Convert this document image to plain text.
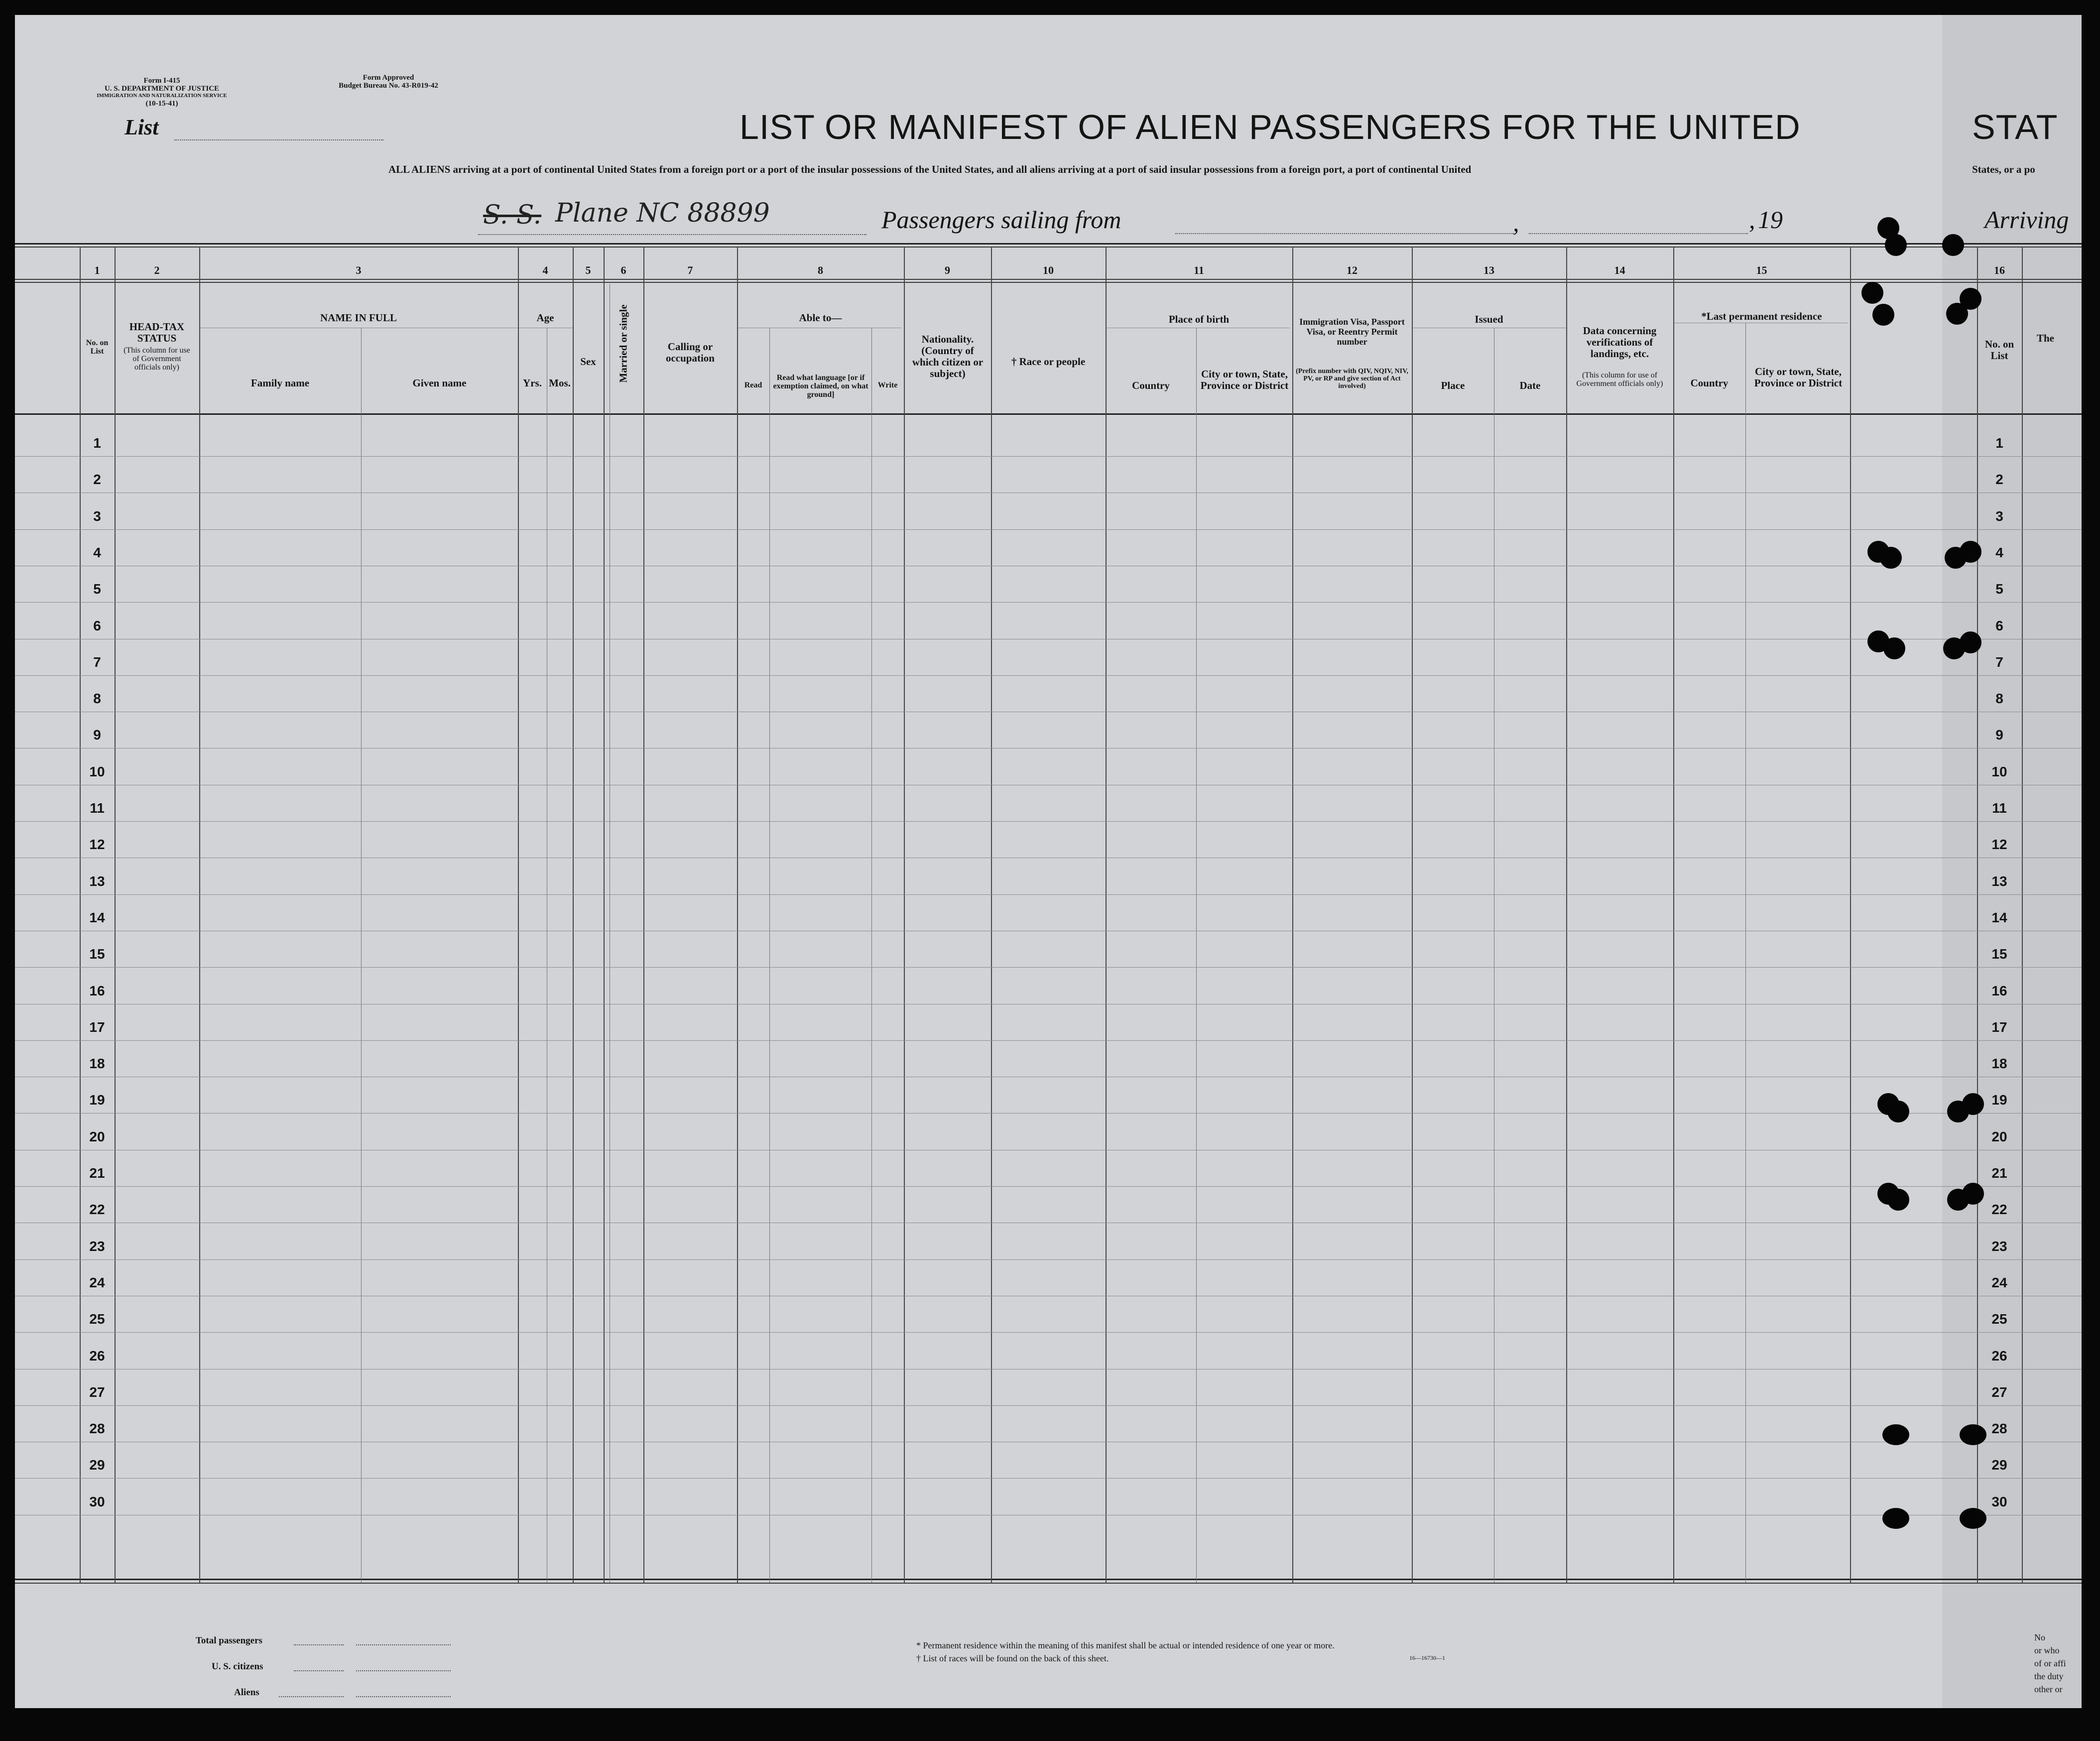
Form I-415
U. S. DEPARTMENT OF JUSTICE
IMMIGRATION AND NATURALIZATION SERVICE
(10-15-41)
Form Approved
Budget Bureau No. 43-R019-42
List	LIST OR MANIFEST OF ALIEN PASSENGERS FOR THE UNITED	STAT
ALL ALIENS arriving at a port of continental United States from a foreign port or a port of the insular possessions of the United States, and all aliens arriving at a port of said insular possessions from a foreign port, a port of continental United	States, or a po
S. S. Plane NC 88899	Passengers sailing from	,	, 19	Arriving
1	2	3	4	5	6	7	8	9	10	11	12	13	14	15	16
No. on List
HEAD-TAX STATUS
(This column for use of Government officials only)
NAME IN FULL
Family name	Given name
Age
Yrs. Mos.
Sex	Married or single	Calling or occupation
Able to—
Read
Read what language [or if exemption claimed, on what ground]
Write
Nationality. (Country of which citizen or subject)
† Race or people
Place of birth
Country
City or town, State, Province or District
Immigration Visa, Passport Visa, or Reentry Permit number
(Prefix number with QIV, NQIV, NIV, PV, or RP and give section of Act involved)
Issued
Place	Date
Data concerning verifications of landings, etc.
(This column for use of Government officials only)
*Last permanent residence
Country
City or town, State, Province or District
No. on List
The
1	1
2	2
3	3
4	4
5	5
6	6
7	7
8	8
9	9
10	10
11	11
12	12
13	13
14	14
15	15
16	16
17	17
18	18
19	19
20	20
21	21
22	22
23	23
24	24
25	25
26	26
27	27
28	28
29	29
30	30
Total passengers
U. S. citizens
Aliens
* Permanent residence within the meaning of this manifest shall be actual or intended residence of one year or more.
† List of races will be found on the back of this sheet.	16—16730—1
No
or who
of or affi
the duty
other or
